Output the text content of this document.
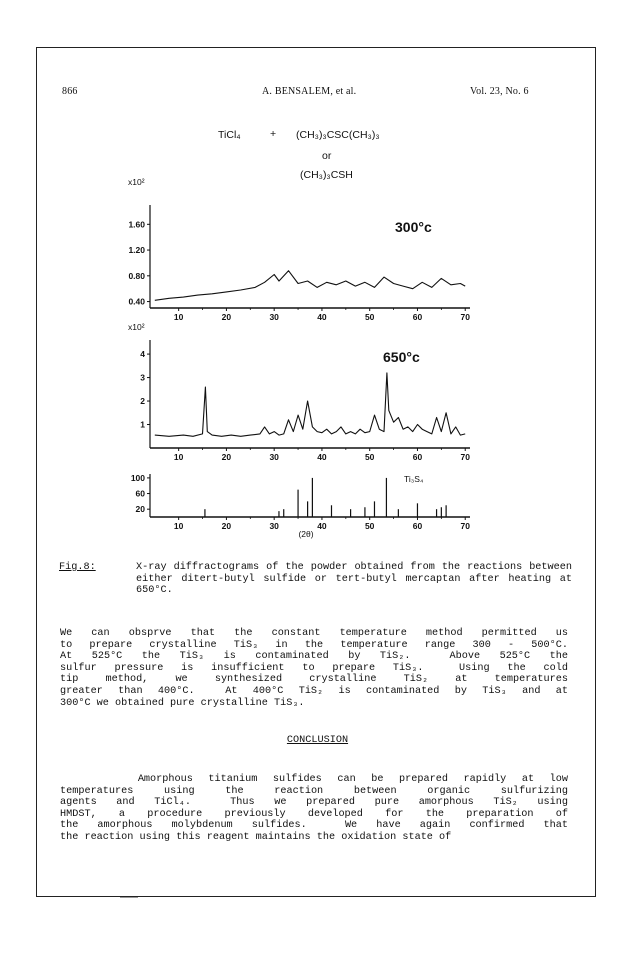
866	A. BENSALEM, et al.	Vol. 23, No. 6
TiCl₄	+ (CH₃)₃CSC(CH₃)₃
or
(CH₃)₃CSH
0.40
0.80
1.20
1.60
10	20	30	40	50	60	70
x10²
300°c
1
2
3
4
10	20	30	40	50	60	70
x10²
650°c
20
60
100
10	20	30	40	50	60	70
Ti₃S₄
(2θ)
Fig.8:	X-ray diffractograms of the powder obtained from the reactions between either ditert-butyl sulfide or tert-butyl mercaptan after heating at 650°C.
We can obsprve that the constant temperature method permitted us
to prepare crystalline TiS₃ in the temperature range 300 - 500°C.
At 525°C the TiS₃ is contaminated by TiS₂.  Above 525°C the
sulfur pressure is insufficient to prepare TiS₃.  Using the cold
tip method, we synthesized crystalline TiS₂ at temperatures
greater than 400°C.  At 400°C TiS₂ is contaminated by TiS₃ and at
300°C we obtained pure crystalline TiS₃.
CONCLUSION
Amorphous titanium sulfides can be prepared rapidly at low
temperatures using the reaction between organic sulfurizing
agents and TiCl₄.  Thus we prepared pure amorphous TiS₂ using
HMDST, a procedure previously developed for the preparation of
the amorphous molybdenum sulfides.  We have again confirmed that
the reaction using this reagent maintains the oxidation state of
